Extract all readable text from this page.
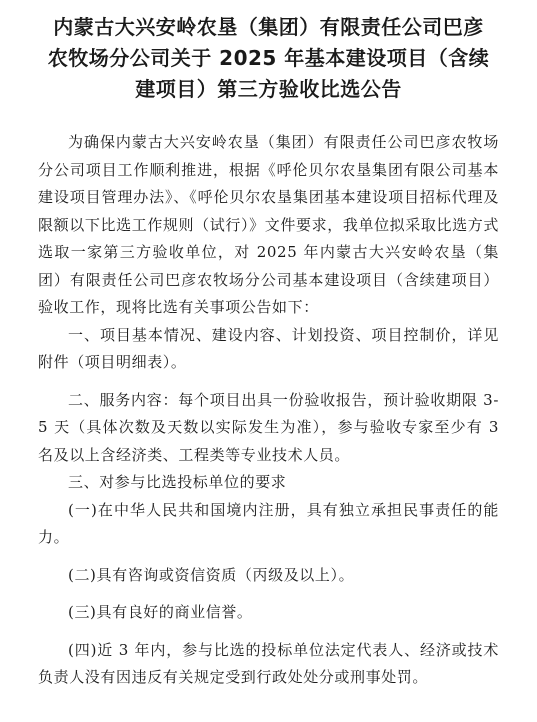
内蒙古大兴安岭农垦（集团）有限责任公司巴彦
农牧场分公司关于 2025 年基本建设项目（含续
建项目）第三方验收比选公告

为确保内蒙古大兴安岭农垦（集团）有限责任公司巴彦农牧场分公司项目工作顺利推进，根据《呼伦贝尔农垦集团有限公司基本建设项目管理办法》、《呼伦贝尔农垦集团基本建设项目招标代理及限额以下比选工作规则（试行）》文件要求，我单位拟采取比选方式选取一家第三方验收单位，对 2025 年内蒙古大兴安岭农垦（集团）有限责任公司巴彦农牧场分公司基本建设项目（含续建项目）验收工作，现将比选有关事项公告如下：

一、项目基本情况、建设内容、计划投资、项目控制价，详见附件（项目明细表）。

二、服务内容：每个项目出具一份验收报告，预计验收期限 3-5 天（具体次数及天数以实际发生为准），参与验收专家至少有 3 名及以上含经济类、工程类等专业技术人员。

三、对参与比选投标单位的要求

(一)在中华人民共和国境内注册，具有独立承担民事责任的能力。

(二)具有咨询或资信资质（丙级及以上）。

(三)具有良好的商业信誉。

(四)近 3 年内，参与比选的投标单位法定代表人、经济或技术负责人没有因违反有关规定受到行政处处分或刑事处罚。
